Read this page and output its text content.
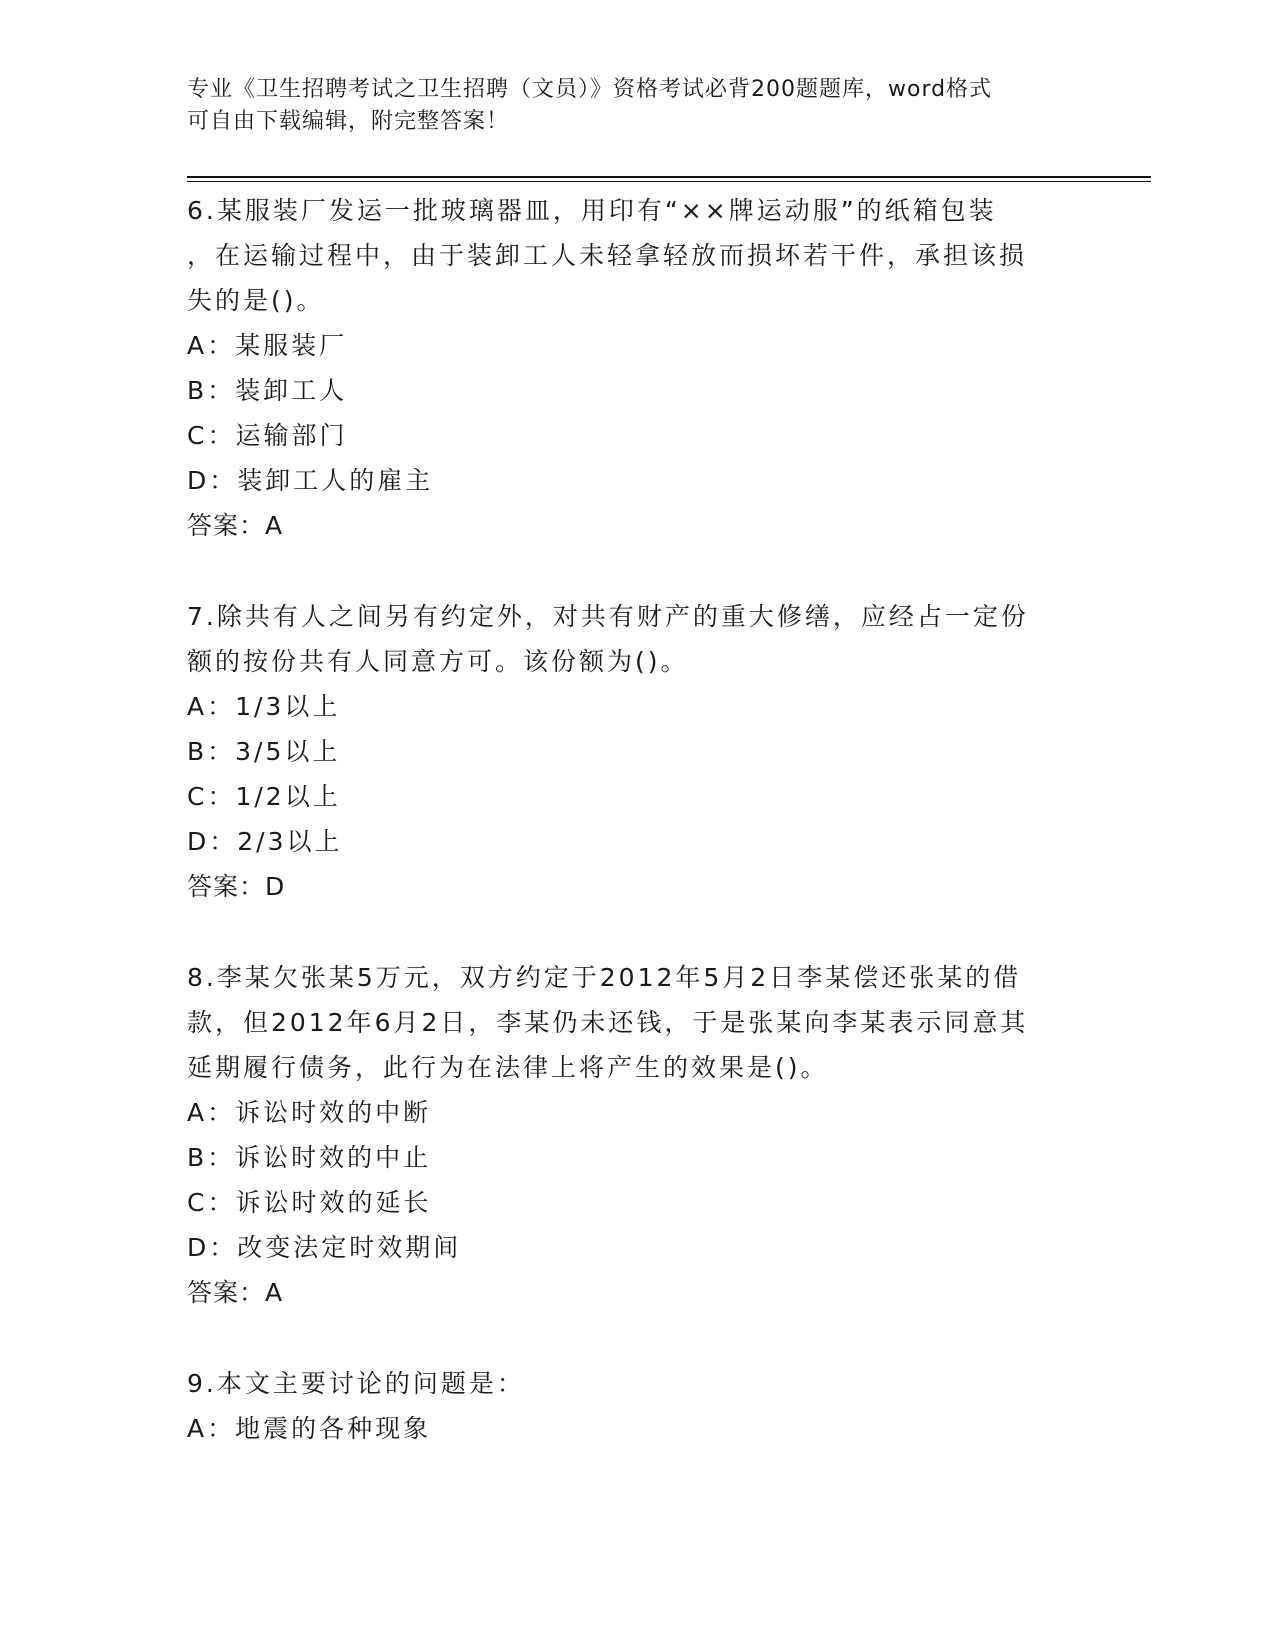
专业《卫生招聘考试之卫生招聘（文员）》资格考试必背200题题库，word格式
可自由下载编辑，附完整答案！
6.某服装厂发运一批玻璃器皿，用印有“××牌运动服”的纸箱包装
，在运输过程中，由于装卸工人未轻拿轻放而损坏若干件，承担该损
失的是()。
A：某服装厂
B：装卸工人
C：运输部门
D：装卸工人的雇主
答案：A
7.除共有人之间另有约定外，对共有财产的重大修缮，应经占一定份
额的按份共有人同意方可。该份额为()。
A：1/3以上
B：3/5以上
C：1/2以上
D：2/3以上
答案：D
8.李某欠张某5万元，双方约定于2012年5月2日李某偿还张某的借
款，但2012年6月2日，李某仍未还钱，于是张某向李某表示同意其
延期履行债务，此行为在法律上将产生的效果是()。
A：诉讼时效的中断
B：诉讼时效的中止
C：诉讼时效的延长
D：改变法定时效期间
答案：A
9.本文主要讨论的问题是：
A：地震的各种现象
